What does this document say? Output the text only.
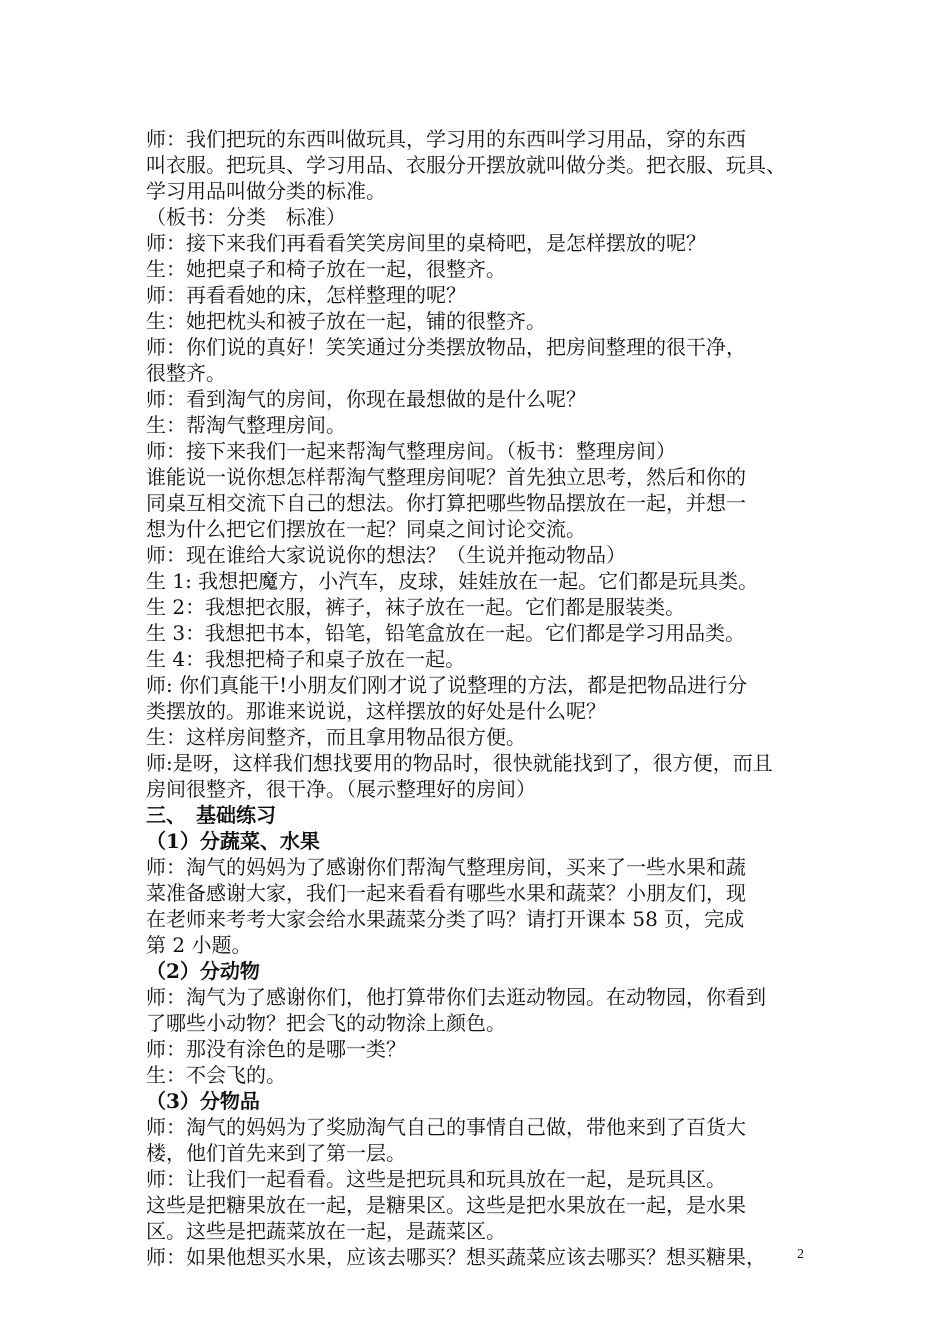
师：我们把玩的东西叫做玩具，学习用的东西叫学习用品，穿的东西
叫衣服。把玩具、学习用品、衣服分开摆放就叫做分类。把衣服、玩具、
学习用品叫做分类的标准。
（板书：分类　标准）
师：接下来我们再看看笑笑房间里的桌椅吧，是怎样摆放的呢？
生：她把桌子和椅子放在一起，很整齐。
师：再看看她的床，怎样整理的呢？
生：她把枕头和被子放在一起，铺的很整齐。
师：你们说的真好！笑笑通过分类摆放物品，把房间整理的很干净，
很整齐。
师：看到淘气的房间，你现在最想做的是什么呢？
生：帮淘气整理房间。
师：接下来我们一起来帮淘气整理房间。（板书：整理房间）
谁能说一说你想怎样帮淘气整理房间呢？首先独立思考，然后和你的
同桌互相交流下自己的想法。你打算把哪些物品摆放在一起，并想一
想为什么把它们摆放在一起？同桌之间讨论交流。
师：现在谁给大家说说你的想法？（生说并拖动物品）
生 1: 我想把魔方，小汽车，皮球，娃娃放在一起。它们都是玩具类。
生 2：我想把衣服，裤子，袜子放在一起。它们都是服装类。
生 3：我想把书本，铅笔，铅笔盒放在一起。它们都是学习用品类。
生 4：我想把椅子和桌子放在一起。
师: 你们真能干!小朋友们刚才说了说整理的方法，都是把物品进行分
类摆放的。那谁来说说，这样摆放的好处是什么呢？
生：这样房间整齐，而且拿用物品很方便。
师:是呀，这样我们想找要用的物品时，很快就能找到了，很方便，而且
房间很整齐，很干净。（展示整理好的房间）
三、　基础练习
（1）分蔬菜、水果
师：淘气的妈妈为了感谢你们帮淘气整理房间，买来了一些水果和蔬
菜准备感谢大家，我们一起来看看有哪些水果和蔬菜？小朋友们，现
在老师来考考大家会给水果蔬菜分类了吗？请打开课本 58 页，完成
第 2 小题。
（2）分动物
师：淘气为了感谢你们，他打算带你们去逛动物园。在动物园，你看到
了哪些小动物？把会飞的动物涂上颜色。
师：那没有涂色的是哪一类？
生：不会飞的。
（3）分物品
师：淘气的妈妈为了奖励淘气自己的事情自己做，带他来到了百货大
楼，他们首先来到了第一层。
师：让我们一起看看。这些是把玩具和玩具放在一起，是玩具区。
这些是把糖果放在一起，是糖果区。这些是把水果放在一起，是水果
区。这些是把蔬菜放在一起，是蔬菜区。
师：如果他想买水果，应该去哪买？想买蔬菜应该去哪买？想买糖果，	2
